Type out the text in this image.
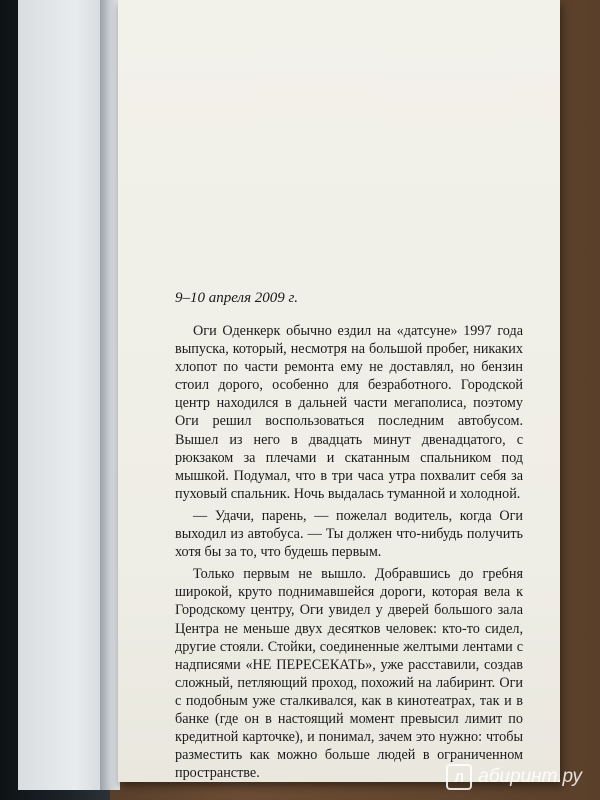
9–10 апреля 2009 г.

Оги Оденкерк обычно ездил на «датсуне» 1997 года выпуска, который, несмотря на большой пробег, никаких хлопот по части ремонта ему не доставлял, но бензин стоил дорого, особенно для безработного. Городской центр находился в дальней части мегаполиса, поэтому Оги решил воспользоваться последним автобусом. Вышел из него в двадцать минут двенадцатого, с рюкзаком за плечами и скатанным спальником под мышкой. Подумал, что в три часа утра похвалит себя за пуховый спальник. Ночь выдалась туманной и холодной.

— Удачи, парень, — пожелал водитель, когда Оги выходил из автобуса. — Ты должен что-нибудь получить хотя бы за то, что будешь первым.

Только первым не вышло. Добравшись до гребня широкой, круто поднимавшейся дороги, которая вела к Городскому центру, Оги увидел у дверей большого зала Центра не меньше двух десятков человек: кто-то сидел, другие стояли. Стойки, соединенные желтыми лентами с надписями «НЕ ПЕРЕСЕКАТЬ», уже расставили, создав сложный, петляющий проход, похожий на лабиринт. Оги с подобным уже сталкивался, как в кинотеатрах, так и в банке (где он в настоящий момент превысил лимит по кредитной карточке), и понимал, зачем это нужно: чтобы разместить как можно больше людей в ограниченном пространстве.	Л абиринт.ру
